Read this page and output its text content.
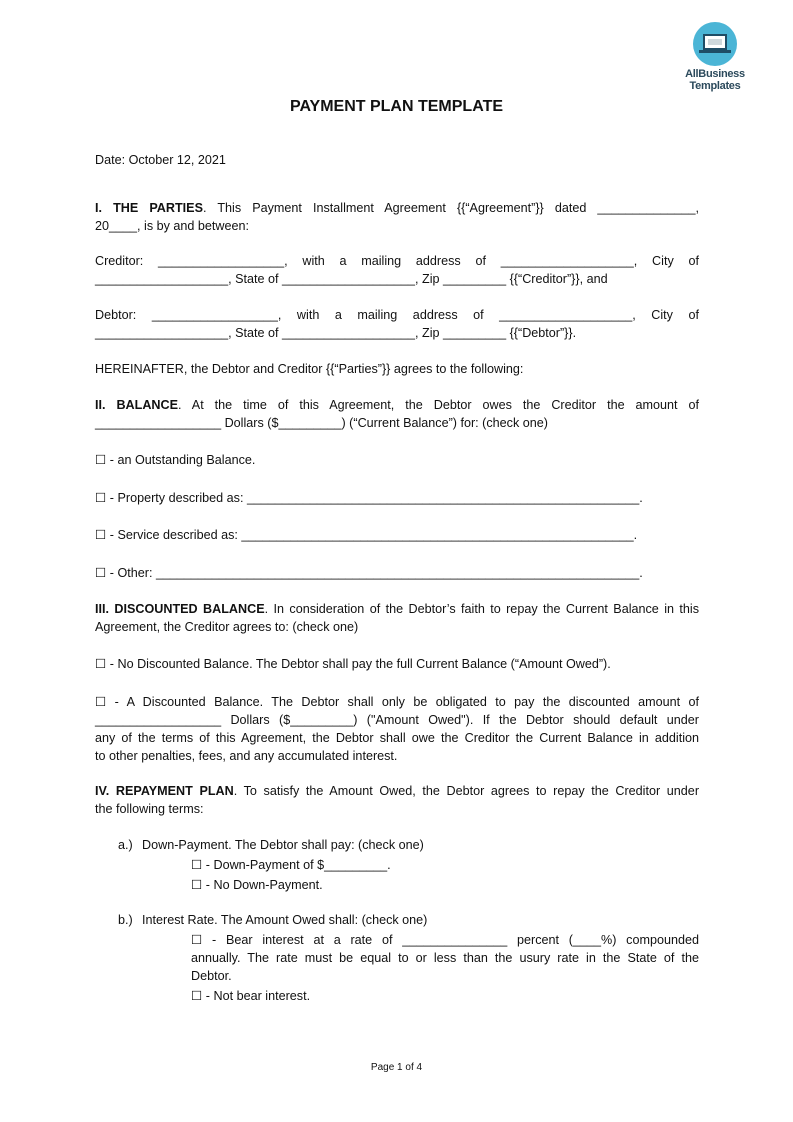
AllBusiness
Templates
PAYMENT PLAN TEMPLATE
Date: October 12, 2021
I. THE PARTIES. This Payment Installment Agreement {{“Agreement”}} dated ______________,
20____, is by and between:
Creditor: __________________, with a mailing address of ___________________, City of
___________________, State of ___________________, Zip _________ {{“Creditor”}}, and
Debtor: __________________, with a mailing address of ___________________, City of
___________________, State of ___________________, Zip _________ {{“Debtor”}}.
HEREINAFTER, the Debtor and Creditor {{“Parties”}} agrees to the following:
II. BALANCE. At the time of this Agreement, the Debtor owes the Creditor the amount of
__________________ Dollars ($_________) (“Current Balance”) for: (check one)
☐ - an Outstanding Balance.
☐ - Property described as: ________________________________________________________.
☐ - Service described as: ________________________________________________________.
☐ - Other: _____________________________________________________________________.
III. DISCOUNTED BALANCE. In consideration of the Debtor’s faith to repay the Current Balance in this
Agreement, the Creditor agrees to: (check one)
☐ - No Discounted Balance. The Debtor shall pay the full Current Balance (“Amount Owed”).
☐ - A Discounted Balance. The Debtor shall only be obligated to pay the discounted amount of
__________________ Dollars ($_________) ("Amount Owed"). If the Debtor should default under
any of the terms of this Agreement, the Debtor shall owe the Creditor the Current Balance in addition
to other penalties, fees, and any accumulated interest.
IV. REPAYMENT PLAN. To satisfy the Amount Owed, the Debtor agrees to repay the Creditor under
the following terms:
a.) Down-Payment. The Debtor shall pay: (check one)
☐ - Down-Payment of $_________.
☐ - No Down-Payment.
b.) Interest Rate. The Amount Owed shall: (check one)
☐ - Bear interest at a rate of _______________ percent (____%) compounded
annually. The rate must be equal to or less than the usury rate in the State of the
Debtor.
☐ - Not bear interest.
Page 1 of 4
